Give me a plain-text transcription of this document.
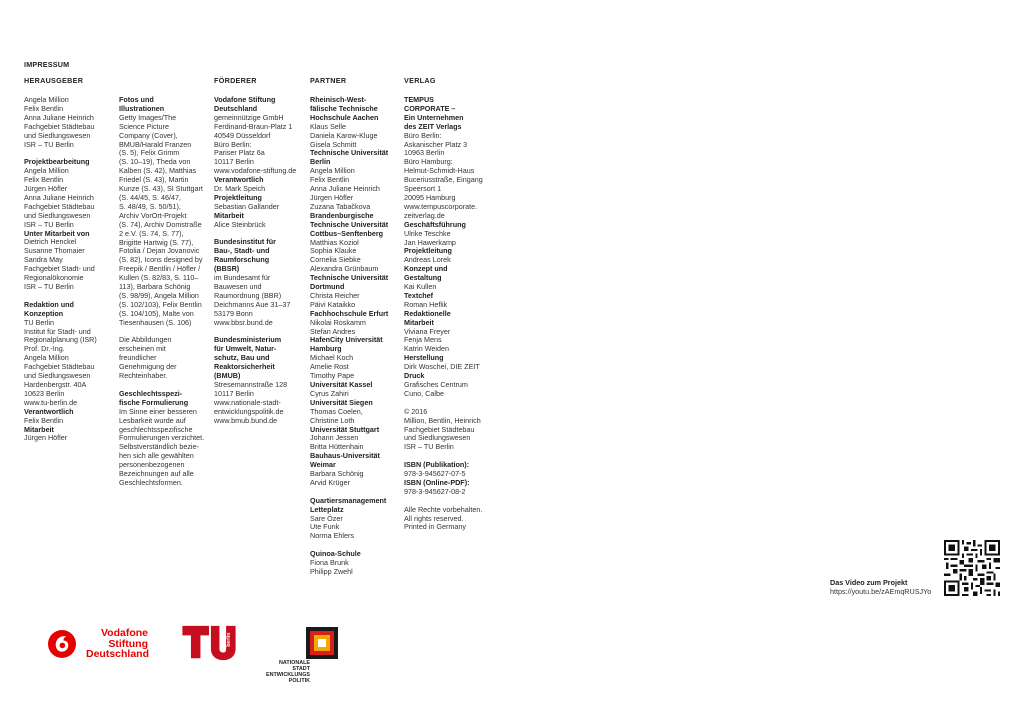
IMPRESSUM
HERAUSGEBER
Angela Million
Felix Bentlin
Anna Juliane Heinrich
Fachgebiet Städtebau
und Siedlungswesen
ISR – TU Berlin
Projektbearbeitung
Angela Million
Felix Bentlin
Jürgen Höfler
Anna Juliane Heinrich
Fachgebiet Städtebau
und Siedlungswesen
ISR – TU Berlin
Unter Mitarbeit von
Dietrich Henckel
Susanne Thomaier
Sandra May
Fachgebiet Stadt- und
Regionalökonomie
ISR – TU Berlin
Redaktion und
Konzeption
TU Berlin
Institut für Stadt- und
Regionalplanung (ISR)
Prof. Dr.-Ing.
Angela Million
Fachgebiet Städtebau
und Siedlungswesen
Hardenbergstr. 40A
10623 Berlin
www.tu-berlin.de
Verantwortlich
Felix Bentlin
Mitarbeit
Jürgen Höfler
Fotos und
Illustrationen
Getty Images/The
Science Picture
Company (Cover),
BMUB/Harald Franzen
(S. 5), Felix Grimm
(S. 10–19), Theda von
Kalben (S. 42), Matthias
Friedel (S. 43), Martin
Kunze (S. 43), SI Stuttgart
(S. 44/45, S. 46/47,
S. 48/49, S. 50/51),
Archiv VorOrt-Projekt
(S. 74), Archiv Domstraße
2 e.V. (S. 74, S. 77),
Brigitte Hartwig (S. 77),
Fotolia / Dejan Jovanovic
(S. 82), Icons designed by
Freepik / Bentlin / Höfler /
Kullen (S. 82/83, S. 110–
113), Barbara Schönig
(S. 98/99), Angela Million
(S. 102/103), Felix Bentlin
(S. 104/105), Malte von
Tiesenhausen (S. 106)
Die Abbildungen
erscheinen mit
freundlicher
Genehmigung der
Rechteinhaber.
Geschlechtsspezi-
fische Formulierung
Im Sinne einer besseren
Lesbarkeit wurde auf
geschlechtsspezifische
Formulierungen verzichtet.
Selbstverständlich bezie-
hen sich alle gewählten
personenbezogenen
Bezeichnungen auf alle
Geschlechtsformen.
FÖRDERER
Vodafone Stiftung
Deutschland
gemeinnützige GmbH
Ferdinand-Braun-Platz 1
40549 Düsseldorf
Büro Berlin:
Pariser Platz 6a
10117 Berlin
www.vodafone-stiftung.de
Verantwortlich
Dr. Mark Speich
Projektleitung
Sebastian Gallander
Mitarbeit
Alice Steinbrück
Bundesinstitut für
Bau-, Stadt- und
Raumforschung
(BBSR)
im Bundesamt für
Bauwesen und
Raumordnung (BBR)
Deichmanns Aue 31–37
53179 Bonn
www.bbsr.bund.de
Bundesministerium
für Umwelt, Natur-
schutz, Bau und
Reaktorsicherheit
(BMUB)
Stresemannstraße 128
10117 Berlin
www.nationale-stadt-
entwicklungspolitik.de
www.bmub.bund.de
PARTNER
Rheinisch-West-
fälische Technische
Hochschule Aachen
Klaus Selle
Daniela Karow-Kluge
Gisela Schmitt
Technische Universität
Berlin
Angela Million
Felix Bentlin
Anna Juliane Heinrich
Jürgen Höfler
Zuzana Tabačkova
Brandenburgische
Technische Universität
Cottbus–Senftenberg
Matthias Koziol
Sophia Klauke
Cornelia Siebke
Alexandra Grünbaum
Technische Universität
Dortmund
Christa Reicher
Päivi Kataikko
Fachhochschule Erfurt
Nikolai Roskamm
Stefan Andres
HafenCity Universität
Hamburg
Michael Koch
Amelie Rost
Timothy Pape
Universität Kassel
Cyrus Zahiri
Universität Siegen
Thomas Coelen,
Christine Loth
Universität Stuttgart
Johann Jessen
Britta Hüttenhain
Bauhaus-Universität
Weimar
Barbara Schönig
Arvid Krüger
Quartiersmanagement
Letteplatz
Sare Özer
Ute Funk
Norma Ehlers
Quinoa-Schule
Fiona Brunk
Philipp Zwehl
VERLAG
TEMPUS
CORPORATE –
Ein Unternehmen
des ZEIT Verlags
Büro Berlin:
Askanischer Platz 3
10963 Berlin
Büro Hamburg:
Helmut-Schmidt-Haus
Buceriusstraße, Eingang
Speersort 1
20095 Hamburg
www.tempuscorporate.
zeitverlag.de
Geschäftsführung
Ulrike Teschke
Jan Hawerkamp
Projektleitung
Andreas Lorek
Konzept und
Gestaltung
Kai Kullen
Textchef
Roman Heflik
Redaktionelle
Mitarbeit
Viviana Freyer
Fenja Mens
Katrin Weiden
Herstellung
Dirk Woschei, DIE ZEIT
Druck
Grafisches Centrum
Cuno, Calbe
© 2016
Million, Bentlin, Heinrich
Fachgebiet Städtebau
und Siedlungswesen
ISR – TU Berlin
ISBN (Publikation):
978-3-945627-07-5
ISBN (Online-PDF):
978-3-945627-08-2
Alle Rechte vorbehalten.
All rights reserved.
Printed in Germany
Das Video zum Projekt
https://youtu.be/zAEmqRUSJYo
Vodafone
Stiftung
Deutschland
berlin
NATIONALE
STADT
ENTWICKLUNGS
POLITIK
